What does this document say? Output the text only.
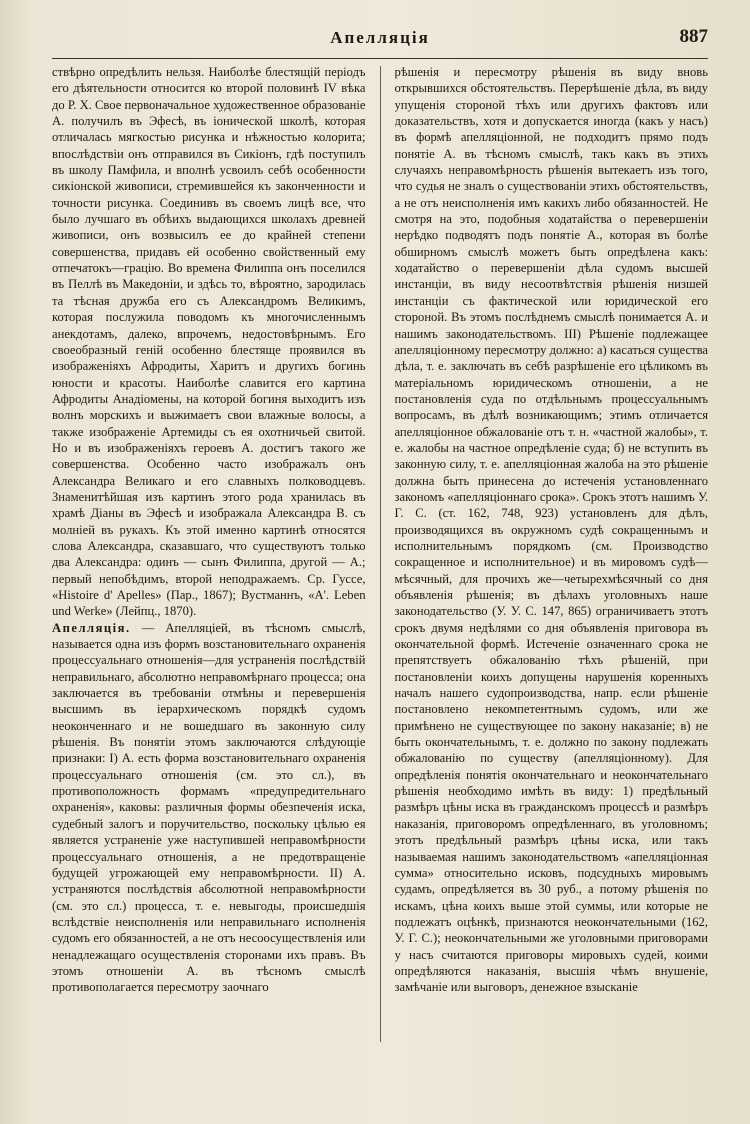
Апелляція	887

ствѣрно опредѣлить нельзя. Наиболѣе блестящій періодъ его дѣятельности относится ко второй половинѣ IV вѣка до Р. Х. Свое первоначальное художественное образованіе А. получилъ въ Эфесѣ, въ іонической школѣ, которая отличалась мягкостью рисунка и нѣжностью колорита; впослѣдствіи онъ отправился въ Сикіонъ, гдѣ поступилъ въ школу Памфила, и вполнѣ усвоилъ себѣ особенности сикіонской живописи, стремившейся къ законченности и точности рисунка. Соединивъ въ своемъ лицѣ все, что было лучшаго въ обѣихъ выдающихся школахъ древней живописи, онъ возвысилъ ее до крайней степени совершенства, придавъ ей особенно свойственный ему отпечатокъ—грацію. Во времена Филиппа онъ поселился въ Пеллѣ въ Македоніи, и здѣсь то, вѣроятно, зародилась та тѣсная дружба его съ Александромъ Великимъ, которая послужила поводомъ къ многочисленнымъ анекдотамъ, далеко, впрочемъ, недостовѣрнымъ. Его своеобразный геній особенно блестяще проявился въ изображеніяхъ Афродиты, Харитъ и другихъ богинь юности и красоты. Наиболѣе славится его картина Афродиты Анадіомены, на которой богиня выходитъ изъ волнъ морскихъ и выжимаетъ свои влажные волосы, а также изображеніе Артемиды съ ея охотничьей свитой. Но и въ изображеніяхъ героевъ А. достигъ такого же совершенства. Особенно часто изображалъ онъ Александра Великаго и его славныхъ полководцевъ. Знаменитѣйшая изъ картинъ этого рода хранилась въ храмѣ Діаны въ Эфесѣ и изображала Александра В. съ молніей въ рукахъ. Къ этой именно картинѣ относятся слова Александра, сказавшаго, что существуютъ только два Александра: одинъ — сынъ Филиппа, другой — А.; первый непобѣдимъ, второй неподражаемъ. Ср. Гуссе, «Histoire d' Apelles» (Пар., 1867); Вустманнъ, «A'. Leben und Werke» (Лейпц., 1870).

Апелляція. — Апелляціей, въ тѣсномъ смыслѣ, называется одна изъ формъ возстановительнаго охраненія процессуальнаго отношенія—для устраненія послѣдствій неправильнаго, абсолютно неправомѣрнаго процесса; она заключается въ требованіи отмѣны и перевершенія высшимъ въ іерархическомъ порядкѣ судомъ неоконченнаго и не вошедшаго въ законную силу рѣшенія. Въ понятіи этомъ заключаются слѣдующіе признаки: I) А. есть форма возстановительнаго охраненія процессуальнаго отношенія (см. это сл.), въ противоположность формамъ «предупредительнаго охраненія», каковы: различныя формы обезпеченія иска, судебный залогъ и поручительство, поскольку цѣлью ея является устраненіе уже наступившей неправомѣрности процессуальнаго отношенія, а не предотвращеніе будущей угрожающей ему неправомѣрности. II) А. устраняются послѣдствія абсолютной неправомѣрности (см. это сл.) процесса, т. е. невыгоды, происшедшія вслѣдствіе неисполненія или неправильнаго исполненія судомъ его обязанностей, а не отъ несоосуществленія или ненадлежащаго осуществленія сторонами ихъ правъ. Въ этомъ отношеніи А. въ тѣсномъ смыслѣ противополагается пересмотру заочнаго

рѣшенія и пересмотру рѣшенія въ виду вновь открывшихся обстоятельствъ. Перерѣшеніе дѣла, въ виду упущенія стороной тѣхъ или другихъ фактовъ или доказательствъ, хотя и допускается иногда (какъ у насъ) въ формѣ апелляціонной, не подходитъ прямо подъ понятіе А. въ тѣсномъ смыслѣ, такъ какъ въ этихъ случаяхъ неправомѣрность рѣшенія вытекаетъ изъ того, что судья не зналъ о существованіи этихъ обстоятельствъ, а не отъ неисполненія имъ какихъ либо обязанностей. Не смотря на это, подобныя ходатайства о перевершеніи нерѣдко подводятъ подъ понятіе А., которая въ болѣе обширномъ смыслѣ можетъ быть опредѣлена какъ: ходатайство о перевершеніи дѣла судомъ высшей инстанціи, въ виду несоотвѣтствія рѣшенія низшей инстанціи съ фактической или юридической его стороной. Въ этомъ послѣднемъ смыслѣ понимается А. и нашимъ законодательствомъ. III) Рѣшеніе подлежащее апелляціонному пересмотру должно: а) касаться существа дѣла, т. е. заключать въ себѣ разрѣшеніе его цѣликомъ въ матеріальномъ юридическомъ отношеніи, а не постановленія суда по отдѣльнымъ процессуальнымъ вопросамъ, въ дѣлѣ возникающимъ; этимъ отличается апелляціонное обжалованіе отъ т. н. «частной жалобы», т. е. жалобы на частное опредѣленіе суда; б) не вступить въ законную силу, т. е. апелляціонная жалоба на это рѣшеніе должна быть принесена до истеченія установленнаго закономъ «апелляціоннаго срока». Срокъ этотъ нашимъ У. Г. С. (ст. 162, 748, 923) установленъ для дѣлъ, производящихся въ окружномъ судѣ сокращеннымъ и исполнительнымъ порядкомъ (см. Производство сокращенное и исполнительное) и въ мировомъ судѣ—мѣсячный, для прочихъ же—четырехмѣсячный со дня объявленія рѣшенія; въ дѣлахъ уголовныхъ наше законодательство (У. У. С. 147, 865) ограничиваетъ этотъ срокъ двумя недѣлями со дня объявленія приговора въ окончательной формѣ. Истеченіе означеннаго срока не препятствуетъ обжалованію тѣхъ рѣшеній, при постановленіи коихъ допущены нарушенія коренныхъ началъ нашего судопроизводства, напр. если рѣшеніе постановлено некомпетентнымъ судомъ, или же примѣнено не существующее по закону наказаніе; в) не быть окончательнымъ, т. е. должно по закону подлежать обжалованію по существу (апелляціонному). Для опредѣленія понятія окончательнаго и неокончательнаго рѣшенія необходимо имѣть въ виду: 1) предѣльный размѣръ цѣны иска въ гражданскомъ процессѣ и размѣръ наказанія, приговоромъ опредѣленнаго, въ уголовномъ; этотъ предѣльный размѣръ цѣны иска, или такъ называемая нашимъ законодательствомъ «апелляціонная сумма» относительно исковъ, подсудныхъ мировымъ судамъ, опредѣляется въ 30 руб., а потому рѣшенія по искамъ, цѣна коихъ выше этой суммы, или которые не подлежатъ оцѣнкѣ, признаются неокончательными (162, У. Г. С.); неокончательными же уголовными приговорами у насъ считаются приговоры мировыхъ судей, коими опредѣляются наказанія, высшія чѣмъ внушеніе, замѣчаніе или выговоръ, денежное взысканіе
